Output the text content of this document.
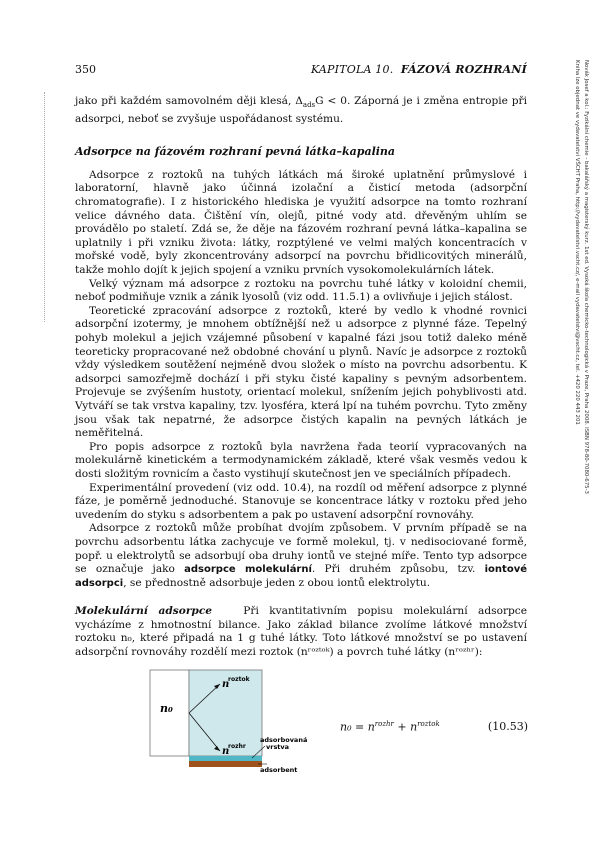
350	KAPITOLA 10. FÁZOVÁ ROZHRANÍ	Novák Josef a kol.: Fyzikální chemie - bakalářský a magisterský kurz. 1st ed. Vysoká škola chemicko-technologická v Praze, Praha 2008. ISBN 978-80-7080-675-3
Kniha lze objednat ve vydavatelství VŠCHT Praha, http://vydavatelstvi.vscht.cz/, e-mail vydavatelstvi@vscht.cz, tel. +420 220 443 201

jako při každém samovolném ději klesá, $\Delta_{ads}G < 0$. Záporná je i změna entropie při adsorpci, neboť se zvyšuje uspořádanost systému.

Adsorpce na fázovém rozhraní pevná látka–kapalina

Adsorpce z roztoků na tuhých látkách má široké uplatnění průmyslové i laboratorní, hlavně jako účinná izolační a čisticí metoda (adsorpční chromatografie). I z historického hlediska je využití adsorpce na tomto rozhraní velice dávného data. Čištění vín, olejů, pitné vody atd. dřevěným uhlím se provádělo po staletí. Zdá se, že děje na fázovém rozhraní pevná látka–kapalina se uplatnily i při vzniku života: látky, rozptýlené ve velmi malých koncentracích v mořské vodě, byly zkoncentrovány adsorpcí na povrchu břidlicovitých minerálů, takže mohlo dojít k jejich spojení a vzniku prvních vysokomolekulárních látek.

Velký význam má adsorpce z roztoku na povrchu tuhé látky v koloidní chemii, neboť podmiňuje vznik a zánik lyosolů (viz odd. 11.5.1) a ovlivňuje i jejich stálost.

Teoretické zpracování adsorpce z roztoků, které by vedlo k vhodné rovnici adsorpční izotermy, je mnohem obtížnější než u adsorpce z plynné fáze. Tepelný pohyb molekul a jejich vzájemné působení v kapalné fázi jsou totiž daleko méně teoreticky propracované než obdobné chování u plynů. Navíc je adsorpce z roztoků vždy výsledkem soutěžení nejméně dvou složek o místo na povrchu adsorbentu. K adsorpci samozřejmě dochází i při styku čisté kapaliny s pevným adsorbentem. Projevuje se zvýšením hustoty, orientací molekul, snížením jejich pohyblivosti atd. Vytváří se tak vrstva kapaliny, tzv. lyosféra, která lpí na tuhém povrchu. Tyto změny jsou však tak nepatrné, že adsorpce čistých kapalin na pevných látkách je neměřitelná.

Pro popis adsorpce z roztoků byla navržena řada teorií vypracovaných na molekulárně kinetickém a termodynamickém základě, které však vesměs vedou k dosti složitým rovnicím a často vystihují skutečnost jen ve speciálních případech.

Experimentální provedení (viz odd. 10.4), na rozdíl od měření adsorpce z plynné fáze, je poměrně jednoduché. Stanovuje se koncentrace látky v roztoku před jeho uvedením do styku s adsorbentem a pak po ustavení adsorpční rovnováhy.

Adsorpce z roztoků může probíhat dvojím způsobem. V prvním případě se na povrchu adsorbentu látka zachycuje ve formě molekul, tj. v nedisociované formě, popř. u elektrolytů se adsorbují oba druhy iontů ve stejné míře. Tento typ adsorpce se označuje jako adsorpce molekulární. Při druhém způsobu, tzv. iontové adsorpci, se přednostně adsorbuje jeden z obou iontů elektrolytu.

Molekulární adsorpce	Při kvantitativním popisu molekulární adsorpce vycházíme z hmotnostní bilance. Jako základ bilance zvolíme látkové množství roztoku n₀, které připadá na 1 g tuhé látky. Toto látkové množství se po ustavení adsorpční rovnováhy rozdělí mezi roztok (nʳᵒᶻᵗᵒᵏ) a povrch tuhé látky (nʳᵒᶻʰʳ):

n₀
n
roztok
n
rozhr
adsorbovaná
vrstva
adsorbent
$n_0 = n^{rozhr} + n^{roztok}$	(10.53)
